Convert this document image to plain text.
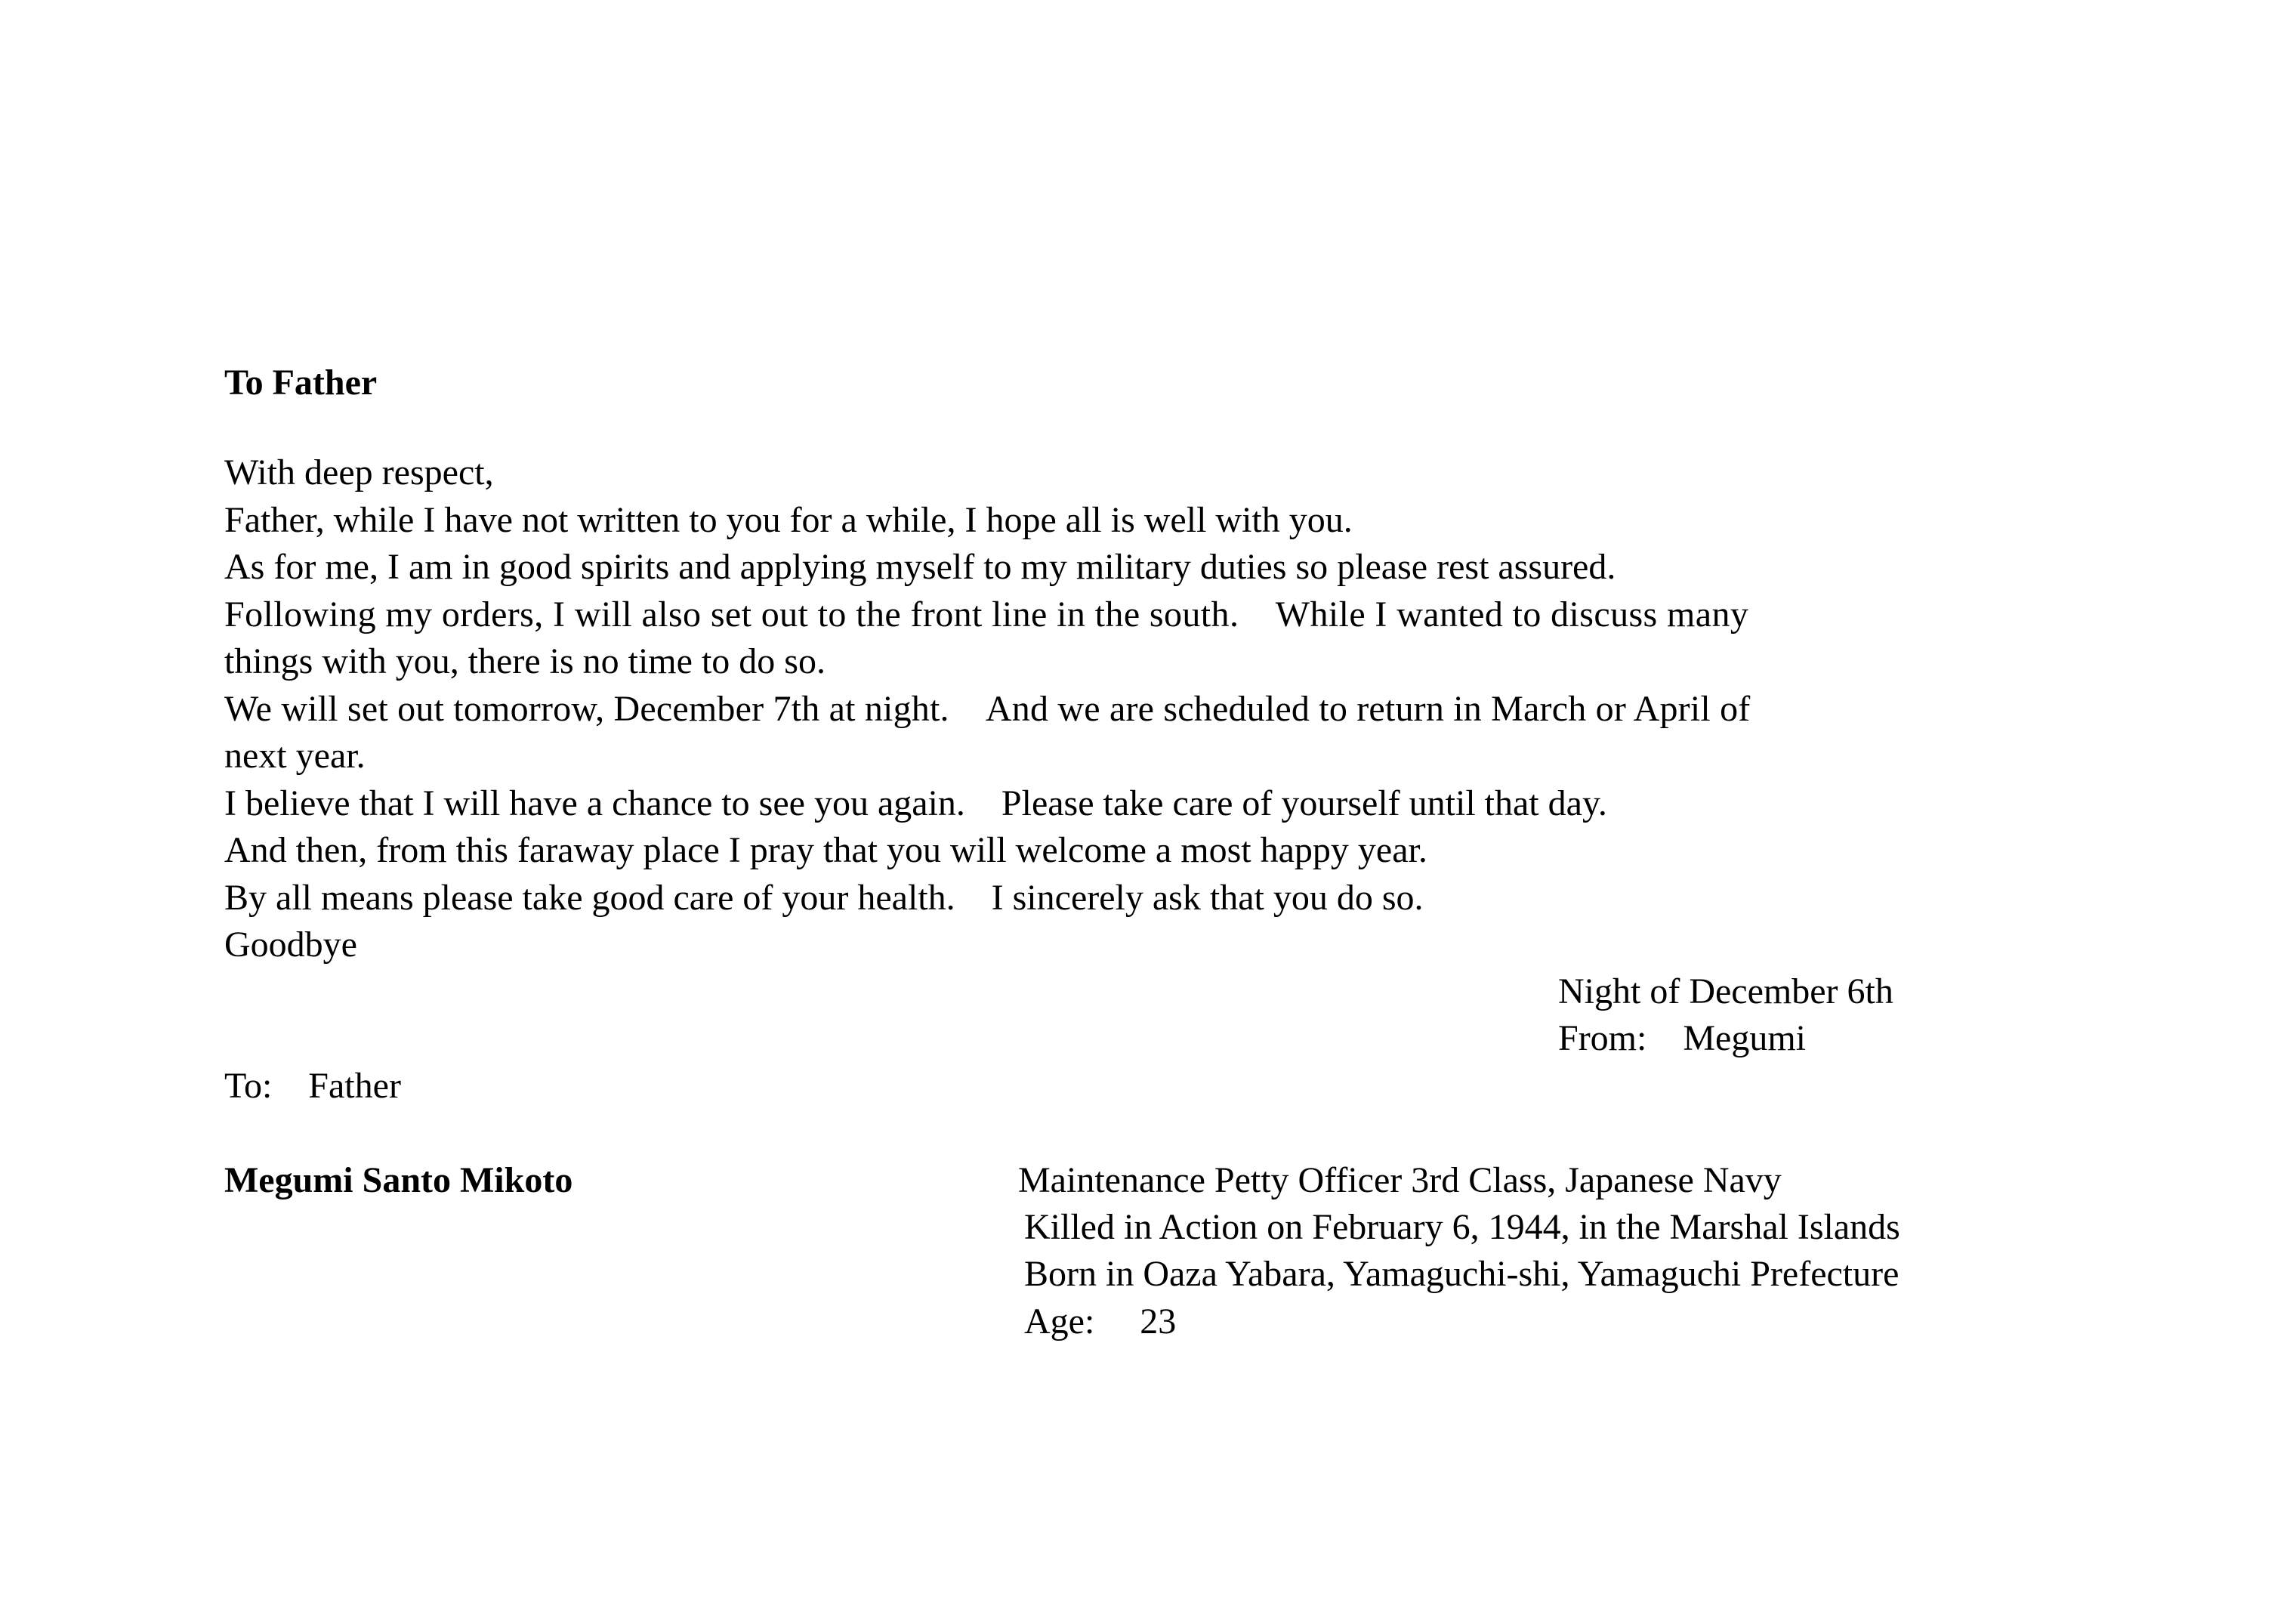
To Father
With deep respect,
Father, while I have not written to you for a while, I hope all is well with you.
As for me, I am in good spirits and applying myself to my military duties so please rest assured.
Following my orders, I will also set out to the front line in the south.　While I wanted to discuss many
things with you, there is no time to do so.
We will set out tomorrow, December 7th at night.　And we are scheduled to return in March or April of
next year.
I believe that I will have a chance to see you again.　Please take care of yourself until that day.
And then, from this faraway place I pray that you will welcome a most happy year.
By all means please take good care of your health.　I sincerely ask that you do so.
Goodbye
Night of December 6th
From:　Megumi
To:　Father
Megumi Santo Mikoto	Maintenance Petty Officer 3rd Class, Japanese Navy
Killed in Action on February 6, 1944, in the Marshal Islands
Born in Oaza Yabara, Yamaguchi-shi, Yamaguchi Prefecture
Age:　 23
